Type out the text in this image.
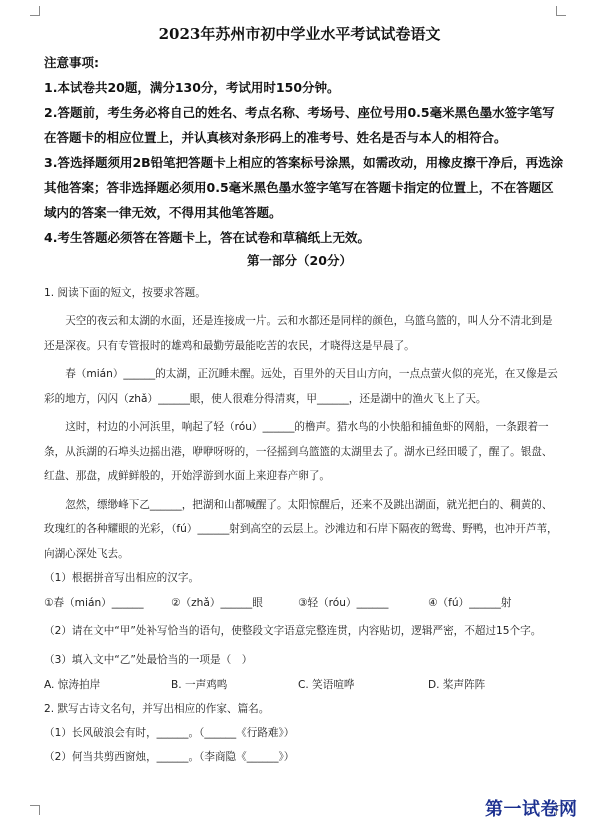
2023年苏州市初中学业水平考试试卷语文

注意事项:

1.本试卷共20题，满分130分，考试用时150分钟。

2.答题前，考生务必将自己的姓名、考点名称、考场号、座位号用0.5毫米黑色墨水签字笔写在答题卡的相应位置上，并认真核对条形码上的准考号、姓名是否与本人的相符合。

3.答选择题须用2B铅笔把答题卡上相应的答案标号涂黑，如需改动，用橡皮擦干净后，再选涂其他答案；答非选择题必须用0.5毫米黑色墨水签字笔写在答题卡指定的位置上，不在答题区域内的答案一律无效，不得用其他笔答题。

4.考生答题必须答在答题卡上，答在试卷和草稿纸上无效。

第一部分（20分）

1. 阅读下面的短文，按要求答题。

天空的夜云和太湖的水面，还是连接成一片。云和水都还是同样的颜色，乌篮乌篮的，叫人分不清北到是还是深夜。只有专管报时的雄鸡和最勤劳最能吃苦的农民，才晓得这是早晨了。

春（mián）______的太湖，正沉睡未醒。远处，百里外的天目山方向，一点点萤火似的亮光，在又像是云彩的地方，闪闪（zhǎ）______眼，使人很难分得清爽，甲______，还是湖中的渔火飞上了天。

这时，村边的小河浜里，响起了轻（róu）______的橹声。猎水鸟的小快船和捕鱼虾的网船，一条跟着一条，从浜湖的石埠头边摇出港，咿咿呀呀的，一径摇到乌篮篮的太湖里去了。湖水已经田暖了，醒了。银盘、红盘、那盘，成鲜鲜般的，开始浮游到水面上来迎春产卵了。

忽然，缥缈峰下乙______，把湖和山都喊醒了。太阳惊醒后，还来不及跳出湖面，就光把白的、稠黄的、玫瑰红的各种耀眼的光彩，（fú）______射到高空的云层上。沙滩边和石岸下隔夜的鸳鸯、野鸭，也冲开芦苇，向湖心深处飞去。

（1）根据拼音写出相应的汉字。

①春（mián）______	②（zhǎ）______眼	③轻（róu）______	④（fú）______射

（2）请在文中“甲”处补写恰当的语句，使整段文字语意完整连贯，内容贴切，逻辑严密，不超过15个字。

（3）填入文中“乙”处最恰当的一项是（　）

A. 惊涛拍岸	B. 一声鸡鸣	C. 笑语喧哗	D. 桨声阵阵

2. 默写古诗文名句，并写出相应的作家、篇名。

（1）长风破浪会有时，______。（______《行路难》）

（2）何当共剪西窗烛，______。（李商隐《______》）

第一试卷网
